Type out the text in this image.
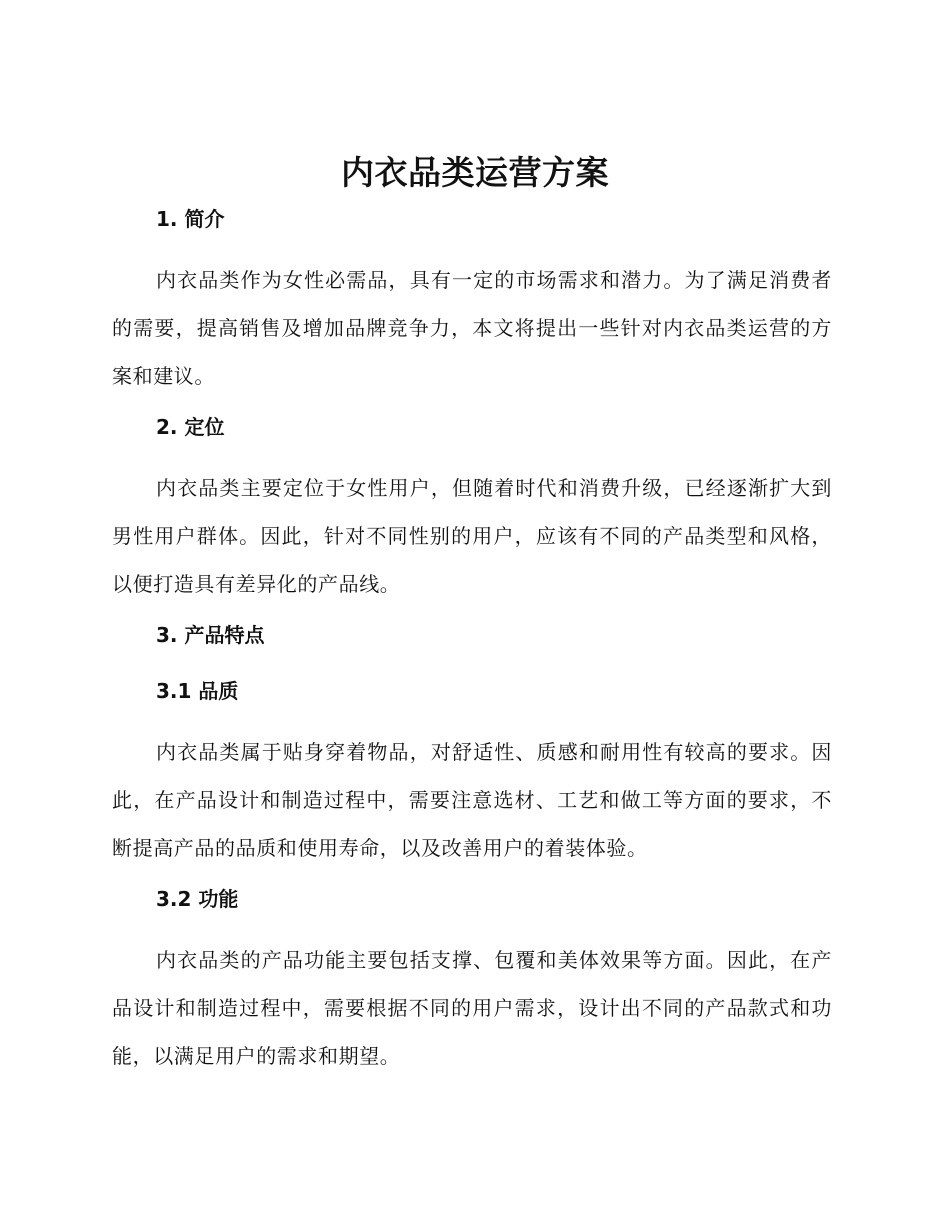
内衣品类运营方案
1. 简介

内衣品类作为女性必需品，具有一定的市场需求和潜力。为了满足消费者的需要，提高销售及增加品牌竞争力，本文将提出一些针对内衣品类运营的方案和建议。

2. 定位

内衣品类主要定位于女性用户，但随着时代和消费升级，已经逐渐扩大到男性用户群体。因此，针对不同性别的用户，应该有不同的产品类型和风格，以便打造具有差异化的产品线。

3. 产品特点
3.1 品质

内衣品类属于贴身穿着物品，对舒适性、质感和耐用性有较高的要求。因此，在产品设计和制造过程中，需要注意选材、工艺和做工等方面的要求，不断提高产品的品质和使用寿命，以及改善用户的着装体验。

3.2 功能

内衣品类的产品功能主要包括支撑、包覆和美体效果等方面。因此，在产品设计和制造过程中，需要根据不同的用户需求，设计出不同的产品款式和功能，以满足用户的需求和期望。
